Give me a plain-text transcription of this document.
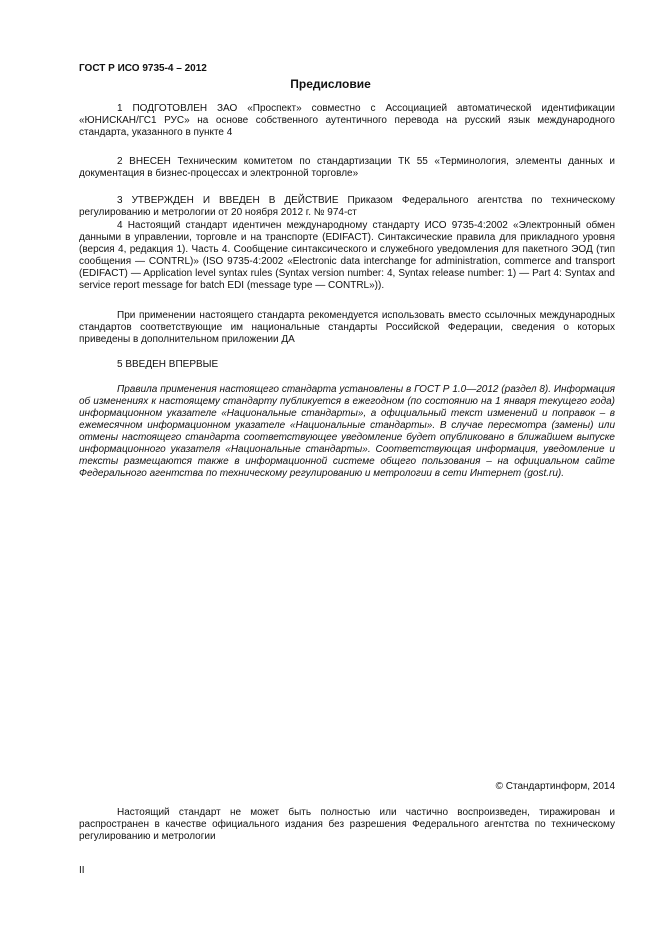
ГОСТ Р ИСО 9735-4 – 2012
Предисловие

1 ПОДГОТОВЛЕН ЗАО «Проспект» совместно с Ассоциацией автоматической идентификации «ЮНИСКАН/ГС1 РУС» на основе собственного аутентичного перевода на русский язык международного стандарта, указанного в пункте 4

2 ВНЕСЕН Техническим комитетом по стандартизации ТК 55 «Терминология, элементы данных и документация в бизнес-процессах и электронной торговле»

3 УТВЕРЖДЕН И ВВЕДЕН В ДЕЙСТВИЕ Приказом Федерального агентства по техническому регулированию и метрологии от 20 ноября 2012 г. № 974-ст

4 Настоящий стандарт идентичен международному стандарту ИСО 9735-4:2002 «Электронный обмен данными в управлении, торговле и на транспорте (EDIFACT). Синтаксические правила для прикладного уровня (версия 4, редакция 1). Часть 4. Сообщение синтаксического и служебного уведомления для пакетного ЭОД (тип сообщения — CONTRL)» (ISO 9735-4:2002 «Electronic data interchange for administration, commerce and transport (EDIFACT) — Application level syntax rules (Syntax version number: 4, Syntax release number: 1) — Part 4: Syntax and service report message for batch EDI (message type — CONTRL»)).

При применении настоящего стандарта рекомендуется использовать вместо ссылочных международных стандартов соответствующие им национальные стандарты Российской Федерации, сведения о которых приведены в дополнительном приложении ДА

5 ВВЕДЕН ВПЕРВЫЕ

Правила применения настоящего стандарта установлены в ГОСТ Р 1.0—2012 (раздел 8). Информация об изменениях к настоящему стандарту публикуется в ежегодном (по состоянию на 1 января текущего года) информационном указателе «Национальные стандарты», а официальный текст изменений и поправок – в ежемесячном информационном указателе «Национальные стандарты». В случае пересмотра (замены) или отмены настоящего стандарта соответствующее уведомление будет опубликовано в ближайшем выпуске информационного указателя «Национальные стандарты». Соответствующая информация, уведомление и тексты размещаются также в информационной системе общего пользования – на официальном сайте Федерального агентства по техническому регулированию и метрологии в сети Интернет (gost.ru).

© Стандартинформ, 2014

Настоящий стандарт не может быть полностью или частично воспроизведен, тиражирован и распространен в качестве официального издания без разрешения Федерального агентства по техническому регулированию и метрологии

II
